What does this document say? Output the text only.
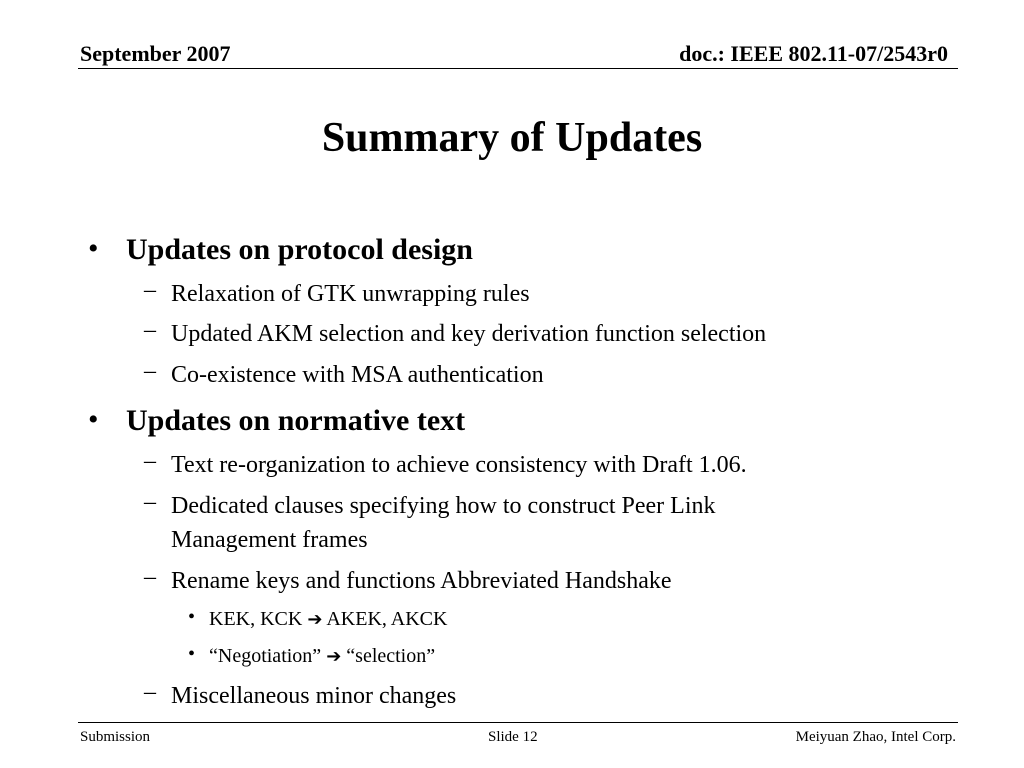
September 2007	doc.: IEEE 802.11-07/2543r0
Summary of Updates
• Updates on protocol design
– Relaxation of GTK unwrapping rules
– Updated AKM selection and key derivation function selection
– Co-existence with MSA authentication
• Updates on normative text
– Text re-organization to achieve consistency with Draft 1.06.
– Dedicated clauses specifying how to construct Peer Link Management frames
– Rename keys and functions Abbreviated Handshake
• KEK, KCK ➔ AKEK, AKCK
• “Negotiation” ➔ “selection”
– Miscellaneous minor changes
Submission	Slide 12	Meiyuan Zhao, Intel Corp.
